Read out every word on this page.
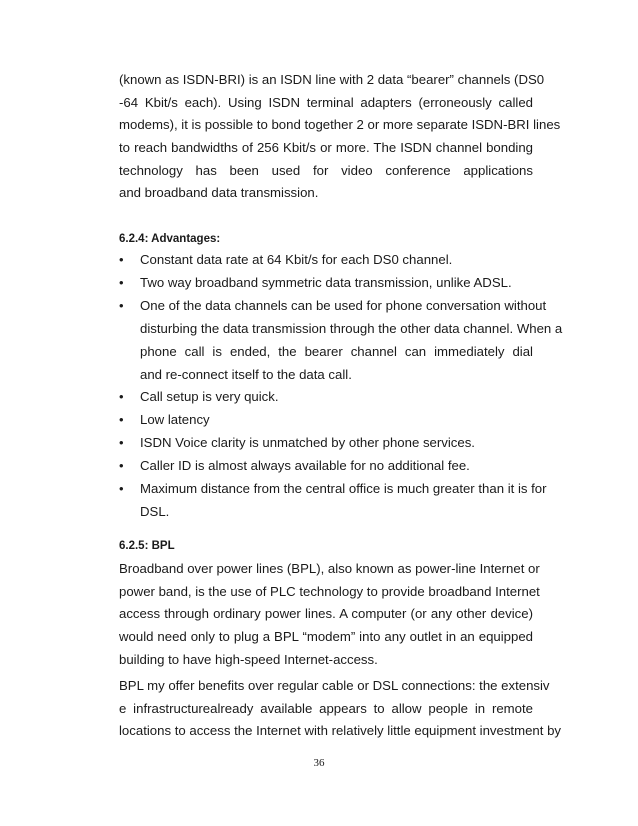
(known as ISDN-BRI) is an ISDN line with 2 data “bearer” channels (DS0
-64 Kbit/s each). Using ISDN terminal adapters (erroneously called
modems), it is possible to bond together 2 or more separate ISDN-BRI lines
to reach bandwidths of 256 Kbit/s or more. The ISDN channel bonding
technology has been used for video conference applications
and broadband data transmission.
6.2.4: Advantages:
• Constant data rate at 64 Kbit/s for each DS0 channel.
• Two way broadband symmetric data transmission, unlike ADSL.
• One of the data channels can be used for phone conversation without
disturbing the data transmission through the other data channel. When a
phone call is ended, the bearer channel can immediately dial
and re-connect itself to the data call.
• Call setup is very quick.
• Low latency
• ISDN Voice clarity is unmatched by other phone services.
• Caller ID is almost always available for no additional fee.
• Maximum distance from the central office is much greater than it is for
DSL.
6.2.5: BPL
Broadband over power lines (BPL), also known as power-line Internet or
power band, is the use of PLC technology to provide broadband Internet
access through ordinary power lines. A computer (or any other device)
would need only to plug a BPL “modem” into any outlet in an equipped
building to have high-speed Internet-access.
BPL my offer benefits over regular cable or DSL connections: the extensiv
e infrastructurealready available appears to allow people in remote
locations to access the Internet with relatively little equipment investment by
36
